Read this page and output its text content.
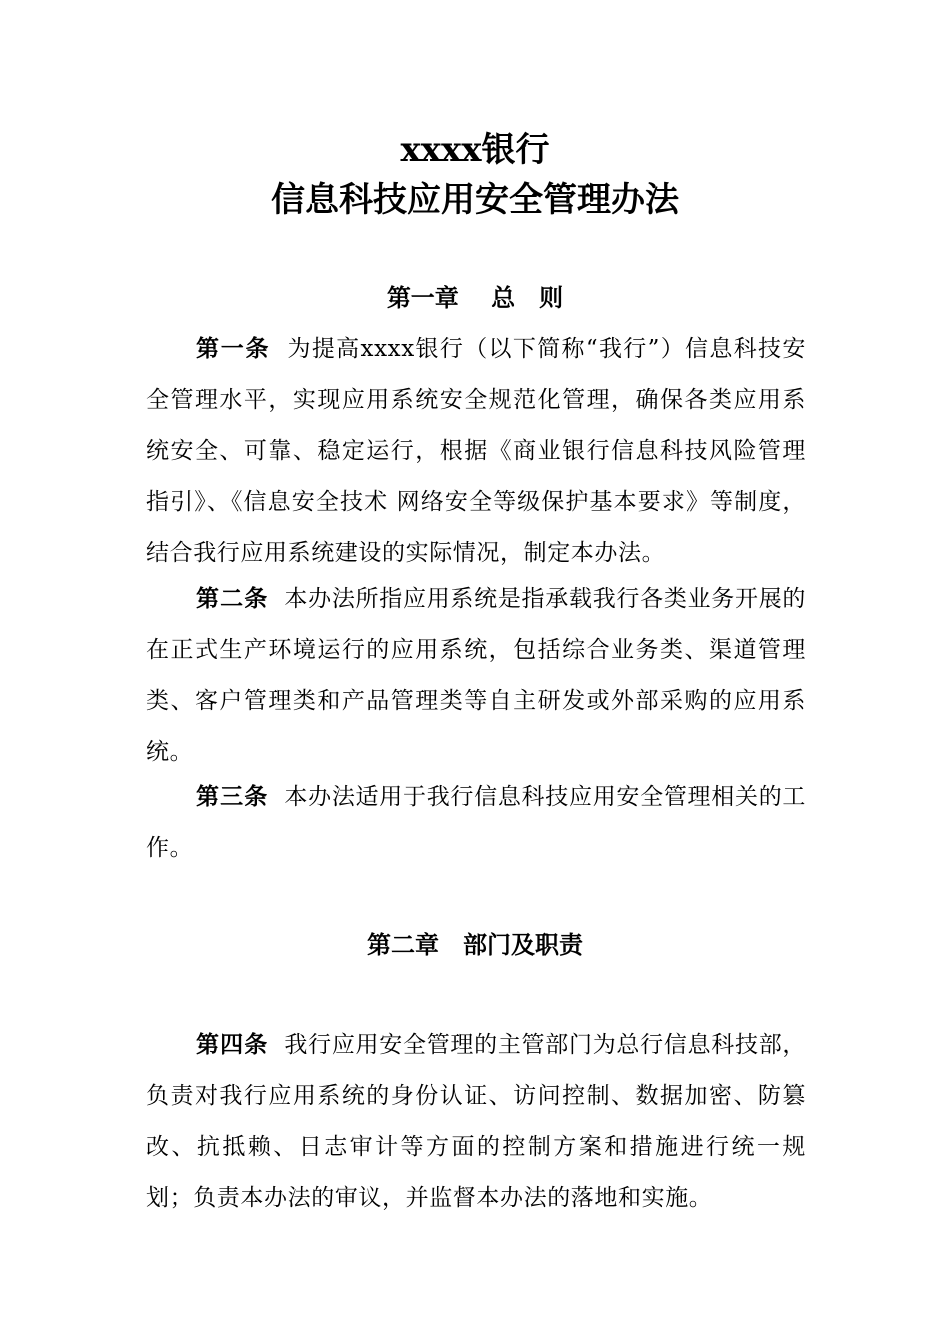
xxxx银行
信息科技应用安全管理办法
第一章　 总　则

第一条 为提高xxxx银行（以下简称“我行”）信息科技安全管理水平，实现应用系统安全规范化管理，确保各类应用系统安全、可靠、稳定运行，根据《商业银行信息科技风险管理指引》、《信息安全技术 网络安全等级保护基本要求》等制度，结合我行应用系统建设的实际情况，制定本办法。

第二条 本办法所指应用系统是指承载我行各类业务开展的在正式生产环境运行的应用系统，包括综合业务类、渠道管理类、客户管理类和产品管理类等自主研发或外部采购的应用系统。

第三条 本办法适用于我行信息科技应用安全管理相关的工作。

第二章　部门及职责

第四条 我行应用安全管理的主管部门为总行信息科技部，负责对我行应用系统的身份认证、访问控制、数据加密、防篡改、抗抵赖、日志审计等方面的控制方案和措施进行统一规划；负责本办法的审议，并监督本办法的落地和实施。
